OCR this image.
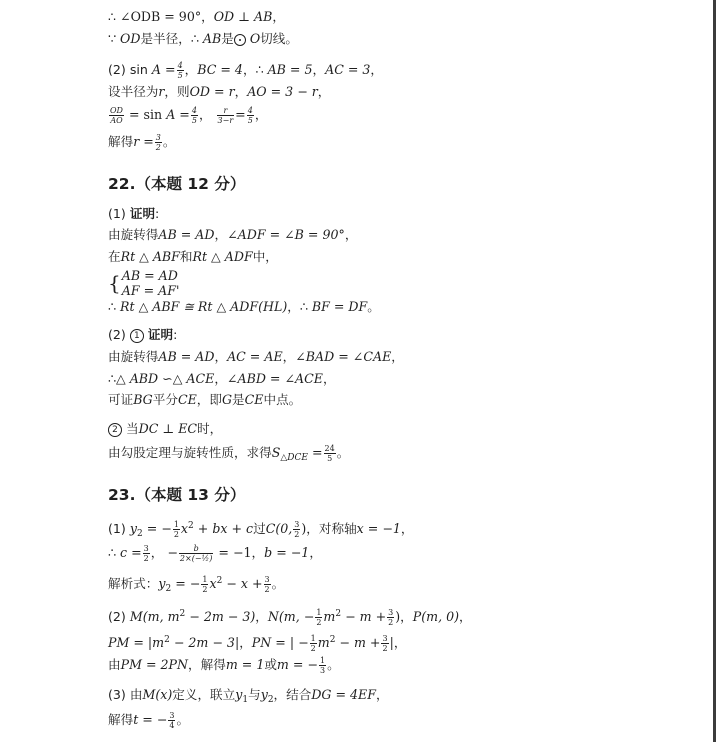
∴ ∠ODB = 90°，OD ⊥ AB，
∵ OD是半径，∴ AB是 O切线。
(2) $\sin A = \frac{4}{5}$ ，BC = 4，∴ AB = 5，AC = 3，
设半径为r，则OD = r，AO = 3 − r，
$\frac{OD}{AO} = \sin A = \frac{4}{5}$ ， $\frac{r}{3-r} = \frac{4}{5}$ ，
解得$r = \frac{3}{2}$ 。
22.（本题 12 分）
(1) 证明:
由旋转得AB = AD，∠ADF = ∠B = 90°，
在Rt △ ABF和Rt △ ADF中，
{ AB = AD
AF = AF'
∴ Rt △ ABF ≅ Rt △ ADF(HL)，∴ BF = DF。
(2) 1 证明:
由旋转得AB = AD，AC = AE，∠BAD = ∠CAE，
∴△ ABD ∽△ ACE，∠ABD = ∠ACE，
可证BG平分CE，即G是CE中点。
2 当DC ⊥ EC时，
由勾股定理与旋转性质，求得$S_{\triangle DCE} = \frac{24}{5}$ 。
23.（本题 13 分）
(1) $y_2$ = − $\frac{1}{2} x^2$ + bx + c过C(0, $\frac{3}{2}$ )，对称轴x = −1，
∴ $c = \frac{3}{2}$ ， − $\frac{b}{\text{2×(−½)}} = -1$，b = −1，
解析式：$y_2$ = − $\frac{1}{2} x^2 - x + \frac{3}{2}$ 。
(2) M(m, $m^2 - 2m - 3$)，N(m, − $\frac{1}{2} m^2 - m + \frac{3}{2}$ )，P(m, 0)，
PM = $|m^2 - 2m - 3|$，PN = | − $\frac{1}{2} m^2 - m + \frac{3}{2}$ |，
由PM = 2PN，解得m = 1或m = − $\frac{1}{3}$ 。
(3) 由M(x)定义，联立$y_1$与$y_2$，结合DG = 4EF，
解得t = − $\frac{3}{4}$ 。
